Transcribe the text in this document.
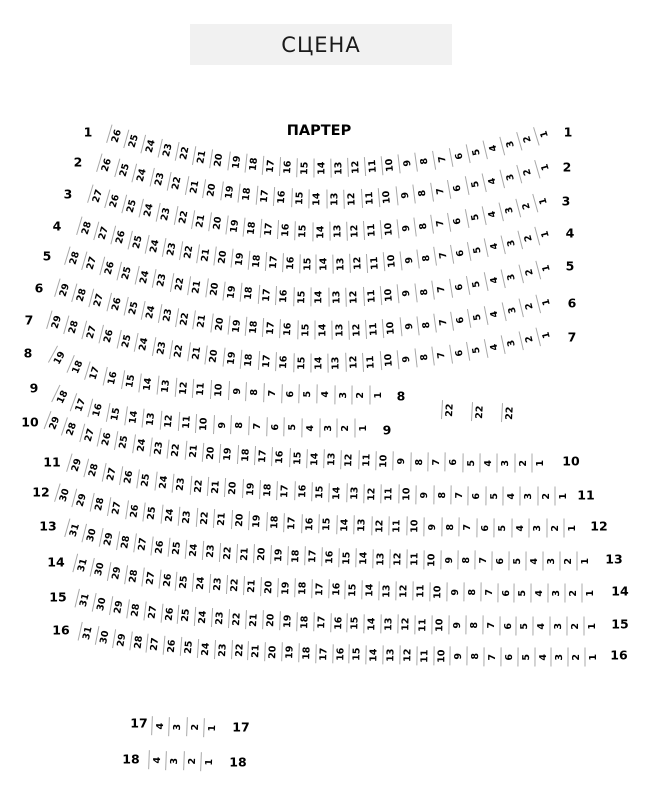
СЦЕНА
ПАРТЕР
1	1
26 25 24 23 22 21 20 19 18 17 16 15 14 13 12 11 10 9 8 7 6 5 4 3
2
1
2	2
26 25 24 23 22 21 20 19 18 17 16 15 14 13 12 11 10 9 8 7 6 5 4 3 2
1
3	3
27 26 25 24 23 22 21 20 19 18 17 16 15 14 13 12 11 10 9 8 7 6 5 4 3 2
1
4	4
28 27 26 25 24 23 22 21 20 19 18 17 16 15 14 13 12 11 10 9 8 7 6 5 4 3 2 1
5
5
28 27 26 25 24 23 22 21 20 19 18 17 16 15 14 13 12 11 10 9 8 7 6 5 4 3 2 1
6
6
29 28 27 26 25 24 23 22 21 20 19 18 17 16 15 14 13 12 11 10 9 8 7 6 5 4 3 2 1
7
7
29 28 27 26 25 24 23 22 21 20 19 18 17 16 15 14 13 12 11 10 9 8 7 6 5 4 3 2 1
8
8
19
18 17 16 15 14 13 12 11 10 9 8 7 6 5 4 3 2 1
9
9
18 17 16 15 14 13 12 11 10 9 8 7 6 5 4 3 2 1
10
10
29 28 27 26 25 24 23 22 21 20 19 18 17 16 15 14 13 12 11 10 9 8 7 6 5 4 3 2 1
11
11
29 28 27 26 25 24 23 22 21 20 19 18 17 16 15 14 13 12 11 10 9 8 7 6 5 4 3 2 1
12
12
30 29 28 27 26 25 24 23 22 21 20 19 18 17 16 15 14 13 12 11 10 9 8 7 6 5 4 3 2 1
13
13
31 30 29 28 27 26 25 24 23 22 21 20 19 18 17 16 15 14 13 12 11 10 9 8 7 6 5 4 3 2 1
14
14
31 30 29 28 27 26 25 24 23 22 21 20 19 18 17 16 15 14 13 12 11 10 9 8 7 6 5 4 3 2 1
15
15
31 30 29 28 27 26 25 24 23 22 21 20 19 18 17 16 15 14 13 12 11 10 9 8 7 6 5 4 3 2 1
16
16
31 30 29 28 27 26 25 24 23 22 21 20 19 18 17 16 15 14 13 12 11 10 9 8 7 6 5 4 3 2 1
17	17
4 3 2 1
18	18
4 3 2 1
22 22 22
